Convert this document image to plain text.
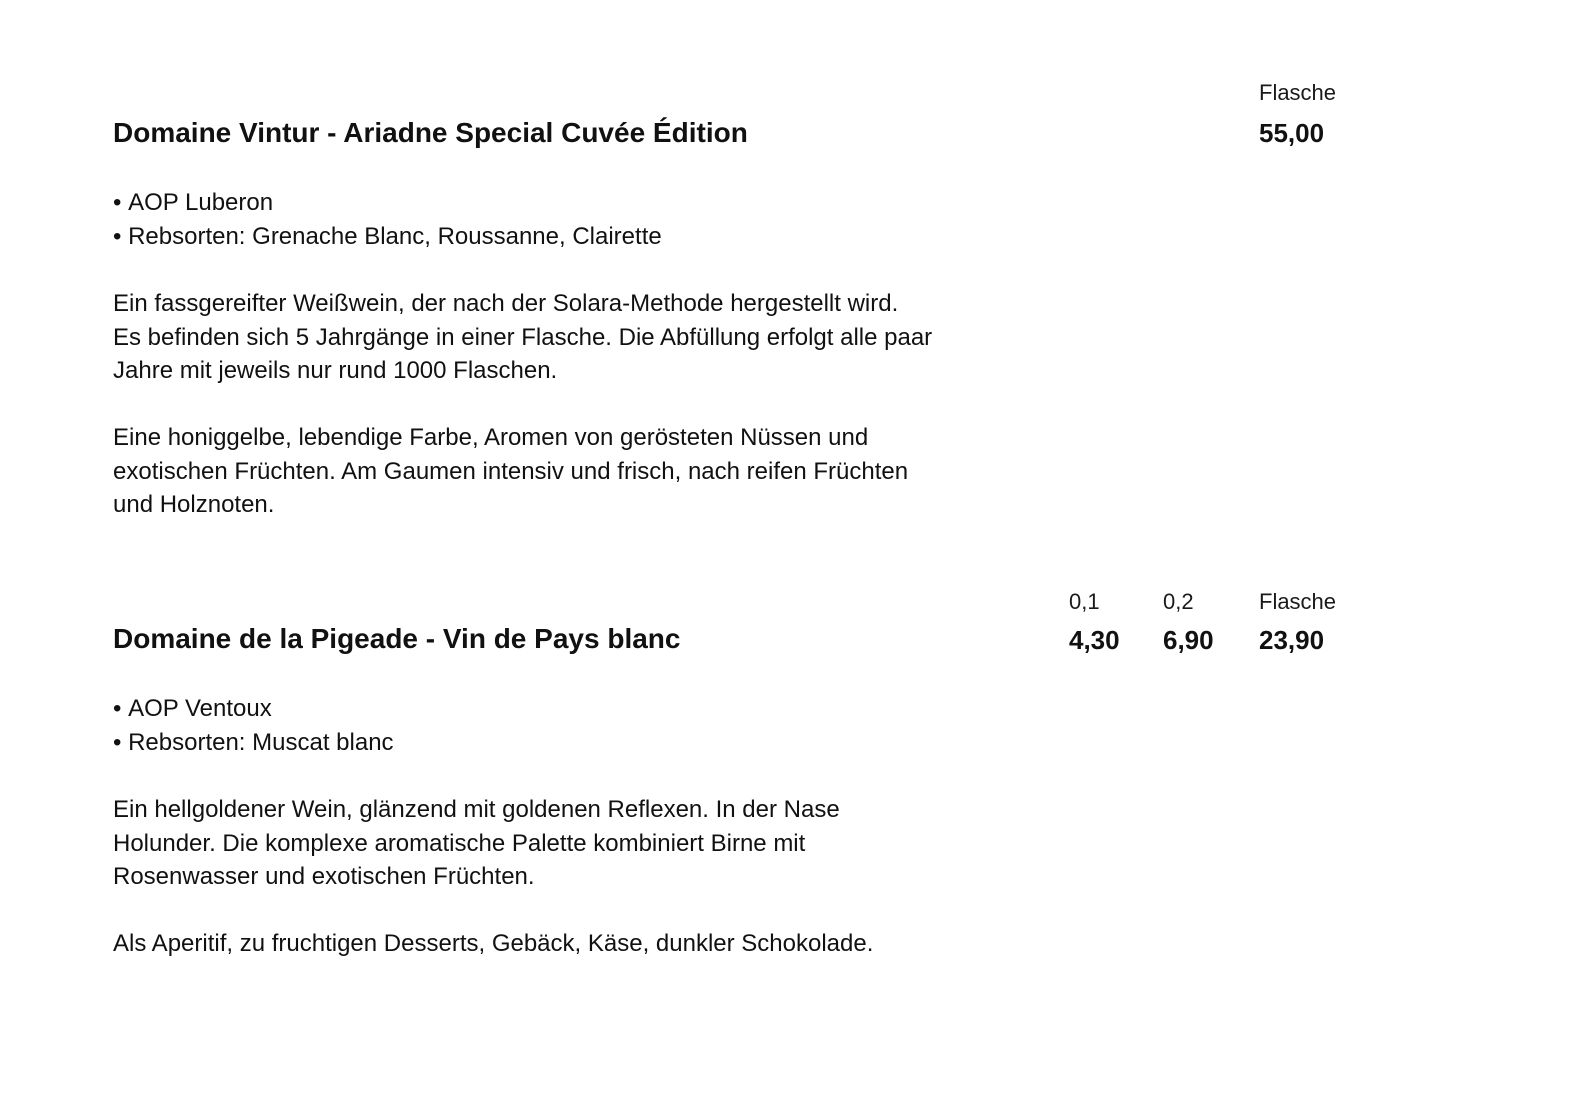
Flasche
55,00
Domaine Vintur - Ariadne Special Cuvée Édition
• AOP Luberon
• Rebsorten: Grenache Blanc, Roussanne, Clairette

Ein fassgereifter Weißwein, der nach der Solara-Methode hergestellt wird.
Es befinden sich 5 Jahrgänge in einer Flasche. Die Abfüllung erfolgt alle paar
Jahre mit jeweils nur rund 1000 Flaschen.

Eine honiggelbe, lebendige Farbe, Aromen von gerösteten Nüssen und
exotischen Früchten. Am Gaumen intensiv und frisch, nach reifen Früchten
und Holznoten.

0,1	0,2	Flasche
4,30 6,90 23,90
Domaine de la Pigeade - Vin de Pays blanc
• AOP Ventoux
• Rebsorten: Muscat blanc

Ein hellgoldener Wein, glänzend mit goldenen Reflexen. In der Nase
Holunder. Die komplexe aromatische Palette kombiniert Birne mit
Rosenwasser und exotischen Früchten.

Als Aperitif, zu fruchtigen Desserts, Gebäck, Käse, dunkler Schokolade.
